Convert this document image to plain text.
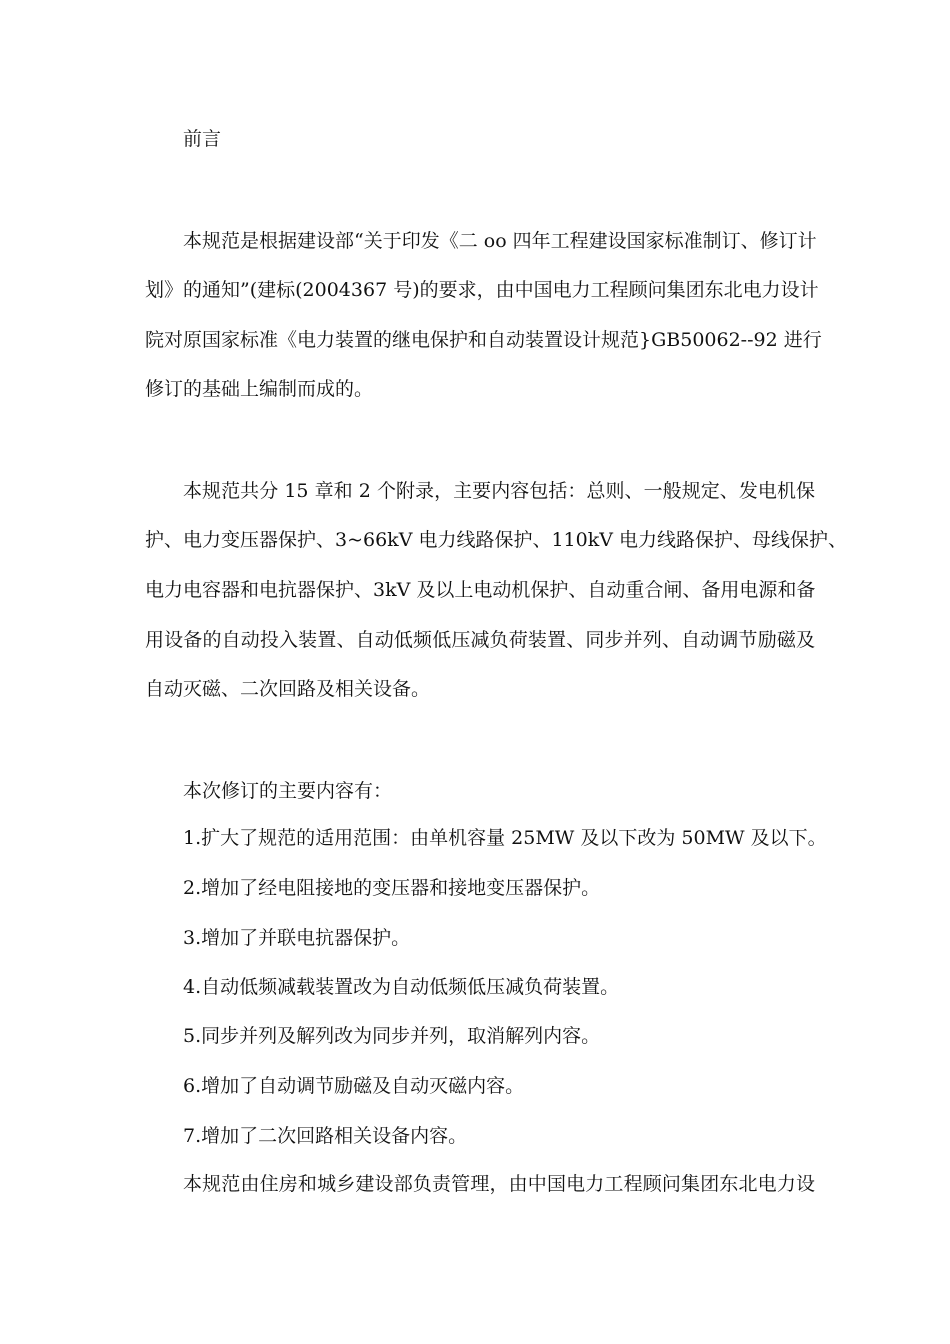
前言
本规范是根据建设部“关于印发《二 oo 四年工程建设国家标准制订、修订计
划》的通知”(建标(2004367 号)的要求，由中国电力工程顾问集团东北电力设计
院对原国家标准《电力装置的继电保护和自动装置设计规范}GB50062--92 进行
修订的基础上编制而成的。
本规范共分 15 章和 2 个附录，主要内容包括：总则、一般规定、发电机保
护、电力变压器保护、3~66kV 电力线路保护、110kV 电力线路保护、母线保护、
电力电容器和电抗器保护、3kV 及以上电动机保护、自动重合闸、备用电源和备
用设备的自动投入装置、自动低频低压减负荷装置、同步并列、自动调节励磁及
自动灭磁、二次回路及相关设备。
本次修订的主要内容有：
1.扩大了规范的适用范围：由单机容量 25MW 及以下改为 50MW 及以下。
2.增加了经电阻接地的变压器和接地变压器保护。
3.增加了并联电抗器保护。
4.自动低频减载装置改为自动低频低压减负荷装置。
5.同步并列及解列改为同步并列，取消解列内容。
6.增加了自动调节励磁及自动灭磁内容。
7.增加了二次回路相关设备内容。
本规范由住房和城乡建设部负责管理，由中国电力工程顾问集团东北电力设
